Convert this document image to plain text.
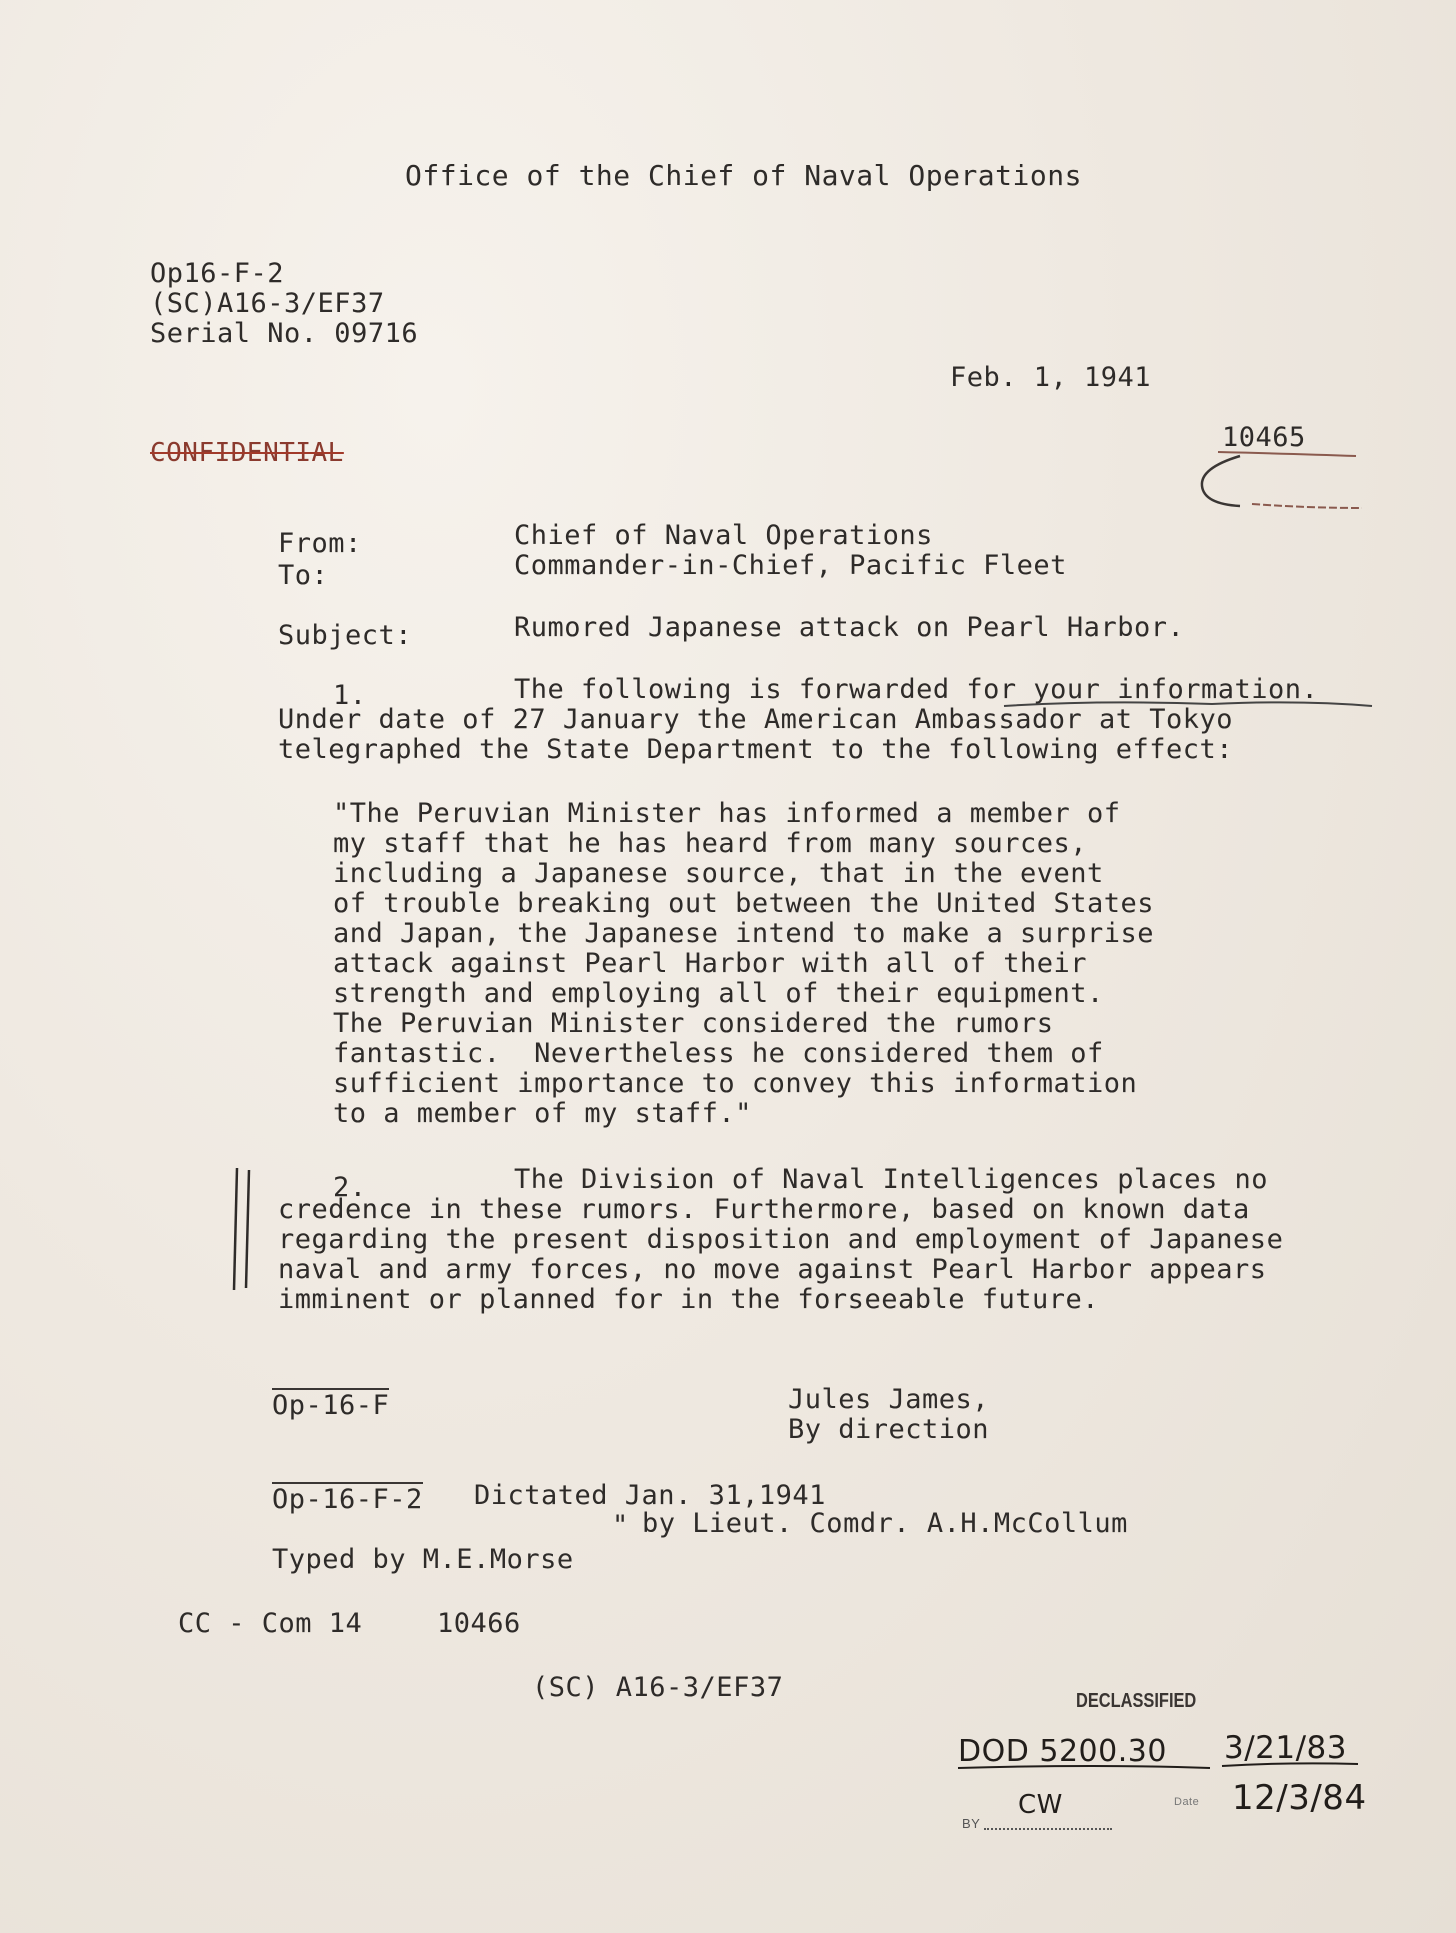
Office of the Chief of Naval Operations
Op16-F-2
(SC)A16-3/EF37
Serial No. 09716
Feb. 1, 1941
CONFIDENTIAL	10465
From:	Chief of Naval Operations
To:	Commander-in-Chief, Pacific Fleet
Subject:	Rumored Japanese attack on Pearl Harbor.
1.	The following is forwarded for your information.
Under date of 27 January the American Ambassador at Tokyo
telegraphed the State Department to the following effect:
"The Peruvian Minister has informed a member of
my staff that he has heard from many sources,
including a Japanese source, that in the event
of trouble breaking out between the United States
and Japan, the Japanese intend to make a surprise
attack against Pearl Harbor with all of their
strength and employing all of their equipment.
The Peruvian Minister considered the rumors
fantastic.  Nevertheless he considered them of
sufficient importance to convey this information
to a member of my staff."
2.	The Division of Naval Intelligences places no
credence in these rumors. Furthermore, based on known data
regarding the present disposition and employment of Japanese
naval and army forces, no move against Pearl Harbor appears
imminent or planned for in the forseeable future.
Op-16-F	Jules James,
By direction
Op-16-F-2 Dictated Jan. 31,1941
" by Lieut. Comdr. A.H.McCollum
Typed by M.E.Morse
CC - Com 14	10466
(SC) A16-3/EF37	DECLASSIFIED
DOD 5200.30 3/21/83
BY
CW	Date 12/3/84
